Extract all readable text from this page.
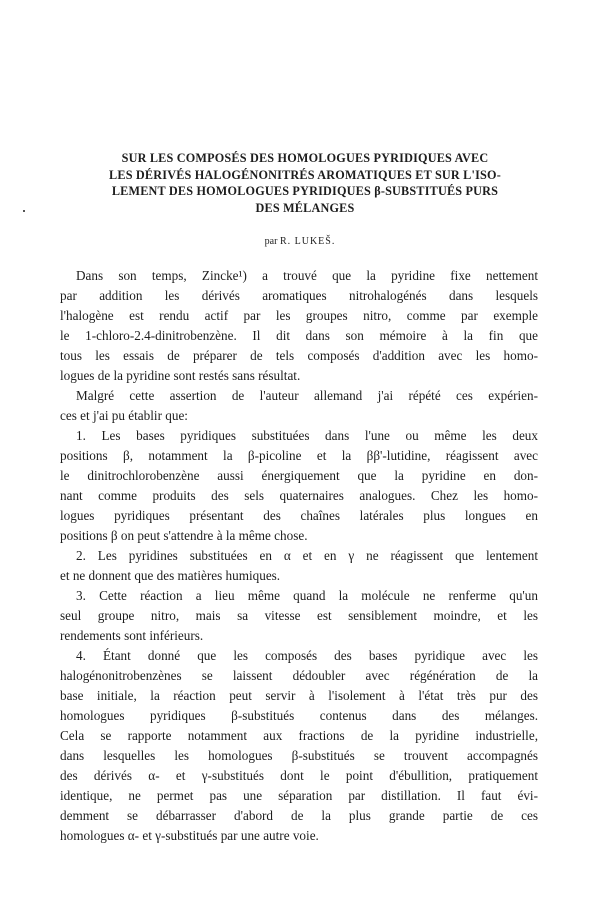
SUR LES COMPOSÉS DES HOMOLOGUES PYRIDIQUES AVEC
LES DÉRIVÉS HALOGÉNONITRÉS AROMATIQUES ET SUR L'ISO-
LEMENT DES HOMOLOGUES PYRIDIQUES β-SUBSTITUÉS PURS
DES MÉLANGES
par R. LUKEŠ.
Dans son temps, Zincke¹) a trouvé que la pyridine fixe nettement
par addition les dérivés aromatiques nitrohalogénés dans lesquels
l'halogène est rendu actif par les groupes nitro, comme par exemple
le 1-chloro-2.4-dinitrobenzène. Il dit dans son mémoire à la fin que
tous les essais de préparer de tels composés d'addition avec les homo-
logues de la pyridine sont restés sans résultat.
Malgré cette assertion de l'auteur allemand j'ai répété ces expérien-
ces et j'ai pu établir que:
1. Les bases pyridiques substituées dans l'une ou même les deux
positions β, notamment la β-picoline et la ββ'-lutidine, réagissent avec
le dinitrochlorobenzène aussi énergiquement que la pyridine en don-
nant comme produits des sels quaternaires analogues. Chez les homo-
logues pyridiques présentant des chaînes latérales plus longues en
positions β on peut s'attendre à la même chose.
2. Les pyridines substituées en α et en γ ne réagissent que lentement
et ne donnent que des matières humiques.
3. Cette réaction a lieu même quand la molécule ne renferme qu'un
seul groupe nitro, mais sa vitesse est sensiblement moindre, et les
rendements sont inférieurs.
4. Étant donné que les composés des bases pyridique avec les
halogénonitrobenzènes se laissent dédoubler avec régénération de la
base initiale, la réaction peut servir à l'isolement à l'état très pur des
homologues pyridiques β-substitués contenus dans des mélanges.
Cela se rapporte notamment aux fractions de la pyridine industrielle,
dans lesquelles les homologues β-substitués se trouvent accompagnés
des dérivés α- et γ-substitués dont le point d'ébullition, pratiquement
identique, ne permet pas une séparation par distillation. Il faut évi-
demment se débarrasser d'abord de la plus grande partie de ces
homologues α- et γ-substitués par une autre voie.
